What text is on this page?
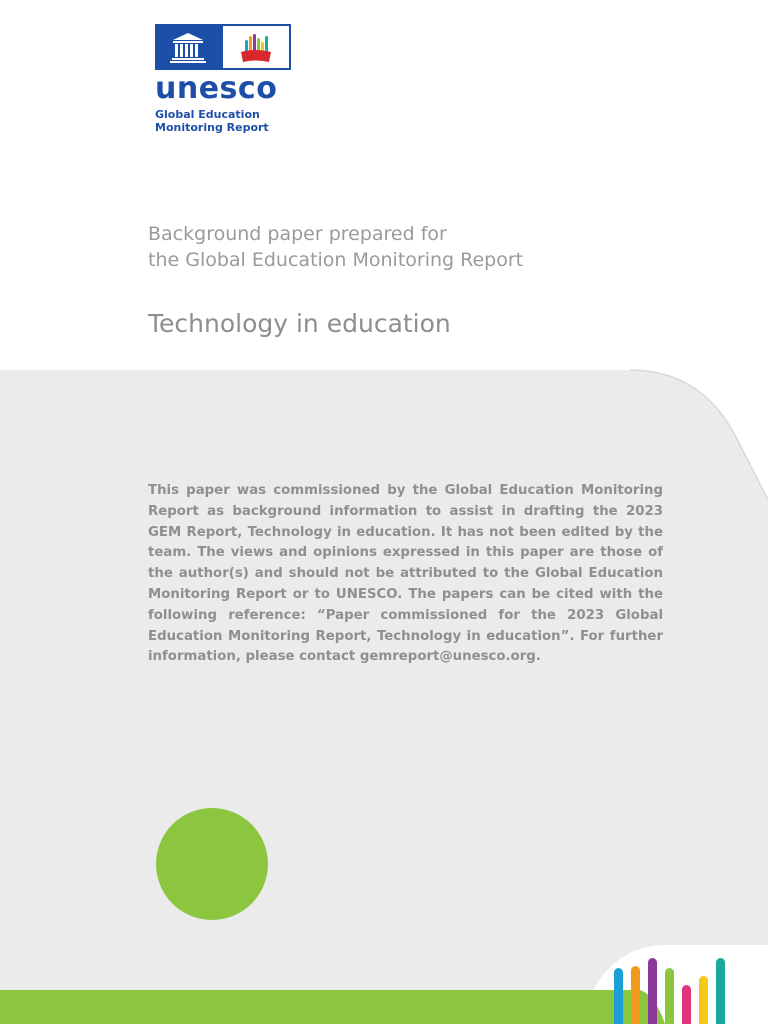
unesco
Global Education
Monitoring Report
Background paper prepared for
the Global Education Monitoring Report
Technology in education
This paper was commissioned by the Global Education Monitoring Report as background information to assist in drafting the 2023 GEM Report, Technology in education. It has not been edited by the team. The views and opinions expressed in this paper are those of the author(s) and should not be attributed to the Global Education Monitoring Report or to UNESCO. The papers can be cited with the following reference: “Paper commissioned for the 2023 Global Education Monitoring Report, Technology in education”. For further information, please contact gemreport@unesco.org.
